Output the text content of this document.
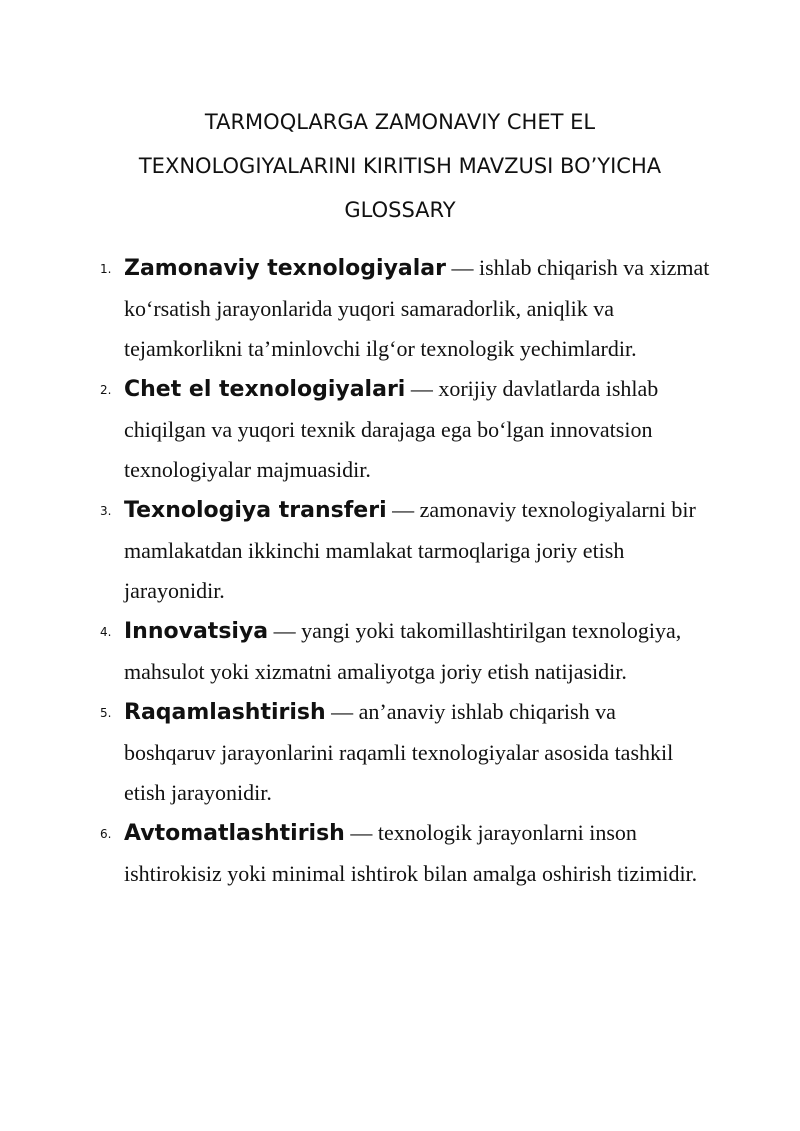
TARMOQLARGA ZAMONAVIY CHET EL
TEXNOLOGIYALARINI KIRITISH MAVZUSI BO’YICHA
GLOSSARY
1. Zamonaviy texnologiyalar — ishlab chiqarish va xizmat ko‘rsatish jarayonlarida yuqori samaradorlik, aniqlik va tejamkorlikni ta’minlovchi ilg‘or texnologik yechimlardir.
2. Chet el texnologiyalari — xorijiy davlatlarda ishlab chiqilgan va yuqori texnik darajaga ega bo‘lgan innovatsion texnologiyalar majmuasidir.
3. Texnologiya transferi — zamonaviy texnologiyalarni bir mamlakatdan ikkinchi mamlakat tarmoqlariga joriy etish jarayonidir.
4. Innovatsiya — yangi yoki takomillashtirilgan texnologiya, mahsulot yoki xizmatni amaliyotga joriy etish natijasidir.
5. Raqamlashtirish — an’anaviy ishlab chiqarish va boshqaruv jarayonlarini raqamli texnologiyalar asosida tashkil etish jarayonidir.
6. Avtomatlashtirish — texnologik jarayonlarni inson ishtirokisiz yoki minimal ishtirok bilan amalga oshirish tizimidir.
